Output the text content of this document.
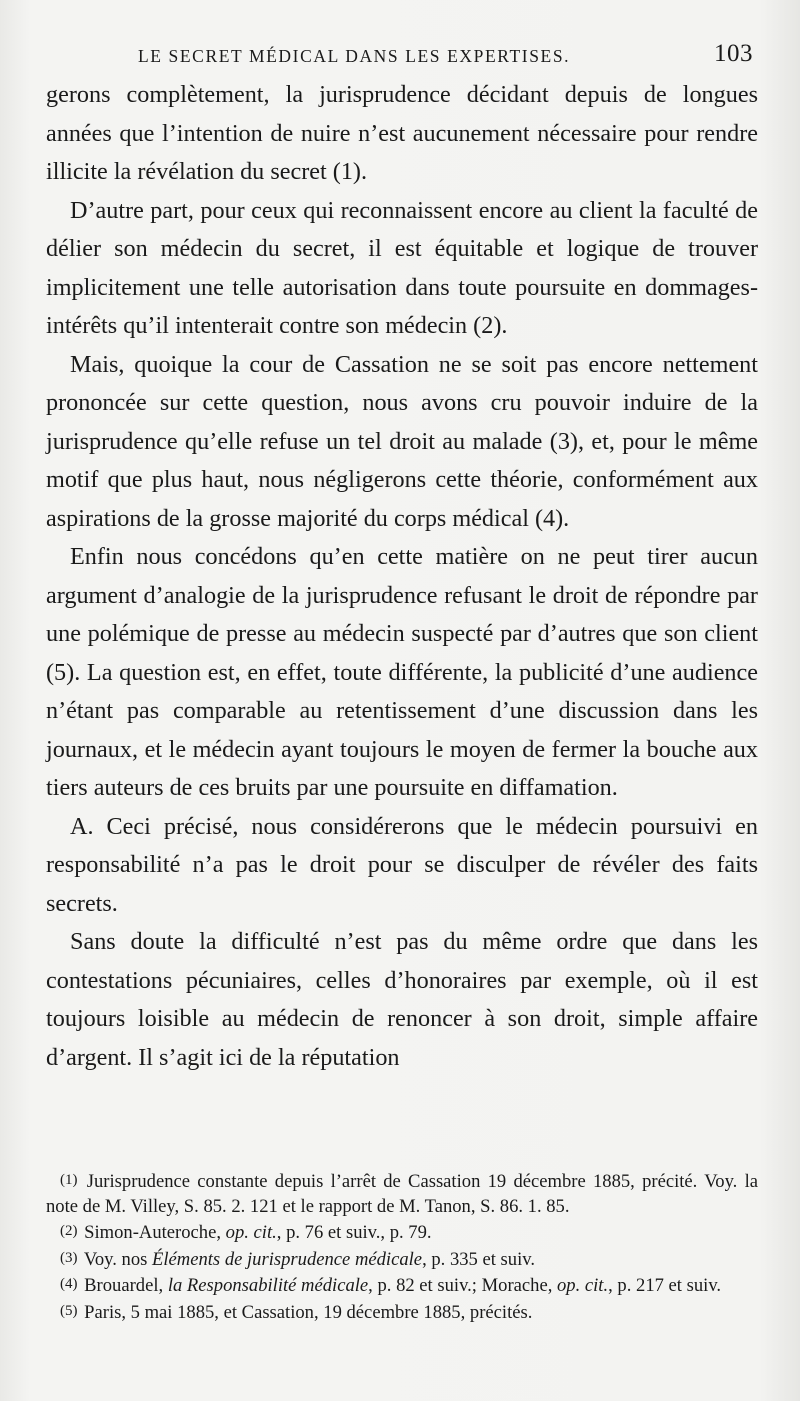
LE SECRET MÉDICAL DANS LES EXPERTISES.	103

gerons complètement, la jurisprudence décidant depuis de longues années que l’intention de nuire n’est aucunement nécessaire pour rendre illicite la révélation du secret (1).

D’autre part, pour ceux qui reconnaissent encore au client la faculté de délier son médecin du secret, il est équitable et logique de trouver implicitement une telle autorisation dans toute poursuite en dommages-intérêts qu’il intenterait contre son médecin (2).

Mais, quoique la cour de Cassation ne se soit pas encore nettement prononcée sur cette question, nous avons cru pouvoir induire de la jurisprudence qu’elle refuse un tel droit au malade (3), et, pour le même motif que plus haut, nous négligerons cette théorie, conformément aux aspirations de la grosse majorité du corps médical (4).

Enfin nous concédons qu’en cette matière on ne peut tirer aucun argument d’analogie de la jurisprudence refusant le droit de répondre par une polémique de presse au médecin suspecté par d’autres que son client (5). La question est, en effet, toute différente, la publicité d’une audience n’étant pas comparable au retentissement d’une discussion dans les journaux, et le médecin ayant toujours le moyen de fermer la bouche aux tiers auteurs de ces bruits par une poursuite en diffamation.

A. Ceci précisé, nous considérerons que le médecin poursuivi en responsabilité n’a pas le droit pour se disculper de révéler des faits secrets.

Sans doute la difficulté n’est pas du même ordre que dans les contestations pécuniaires, celles d’honoraires par exemple, où il est toujours loisible au médecin de renoncer à son droit, simple affaire d’argent. Il s’agit ici de la réputation

(1) Jurisprudence constante depuis l’arrêt de Cassation 19 décembre 1885, précité. Voy. la note de M. Villey, S. 85. 2. 121 et le rapport de M. Tanon, S. 86. 1. 85.

(2) Simon-Auteroche, op. cit., p. 76 et suiv., p. 79.

(3) Voy. nos Éléments de jurisprudence médicale, p. 335 et suiv.

(4) Brouardel, la Responsabilité médicale, p. 82 et suiv.; Morache, op. cit., p. 217 et suiv.

(5) Paris, 5 mai 1885, et Cassation, 19 décembre 1885, précités.
